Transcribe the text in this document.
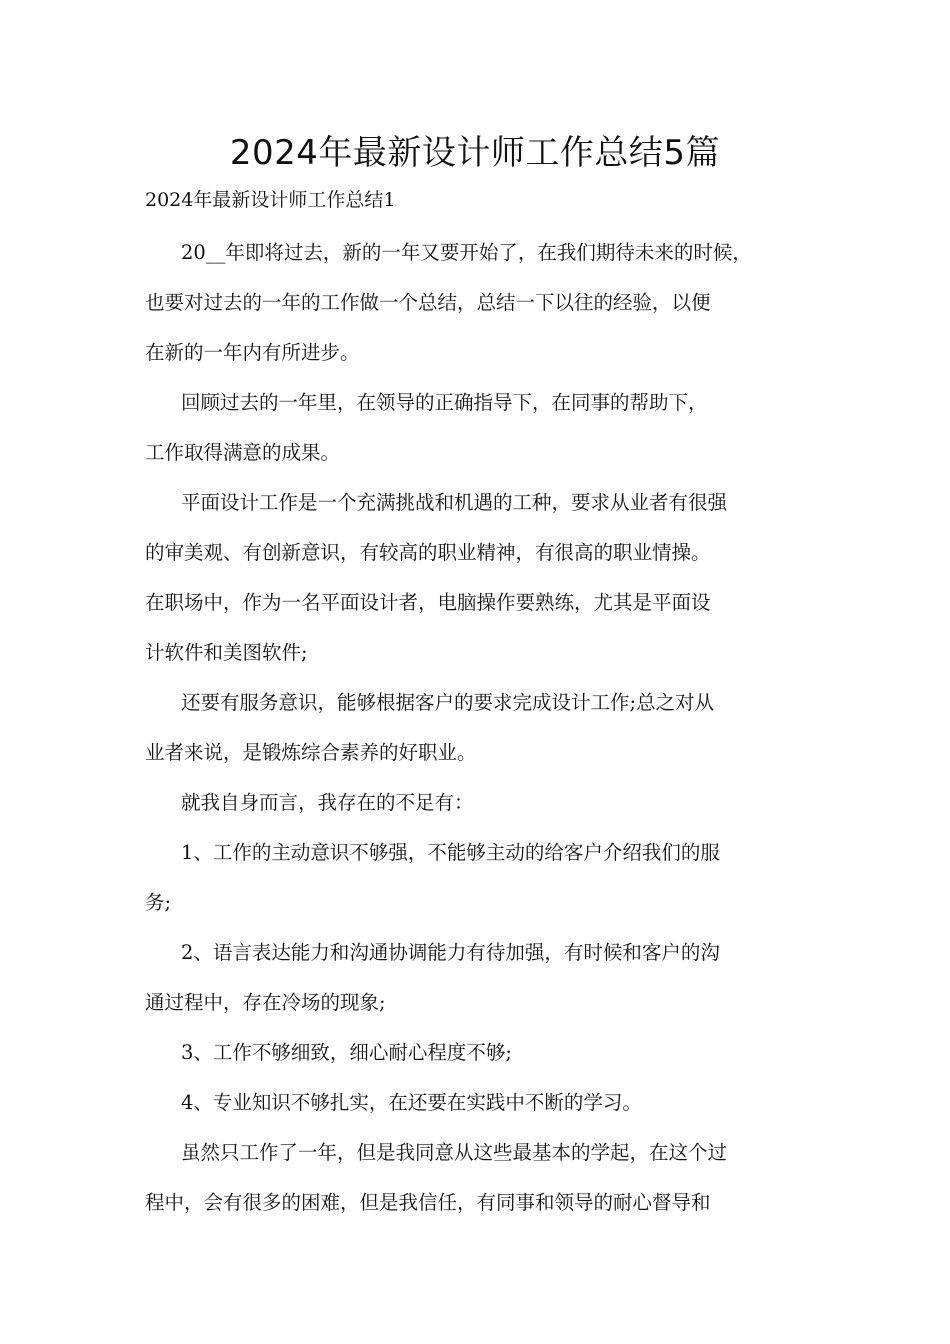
2024年最新设计师工作总结5篇

2024年最新设计师工作总结1

20__年即将过去，新的一年又要开始了，在我们期待未来的时候，
也要对过去的一年的工作做一个总结，总结一下以往的经验，以便
在新的一年内有所进步。
回顾过去的一年里，在领导的正确指导下，在同事的帮助下，
工作取得满意的成果。
平面设计工作是一个充满挑战和机遇的工种，要求从业者有很强
的审美观、有创新意识，有较高的职业精神，有很高的职业情操。
在职场中，作为一名平面设计者，电脑操作要熟练，尤其是平面设
计软件和美图软件;
还要有服务意识，能够根据客户的要求完成设计工作;总之对从
业者来说，是锻炼综合素养的好职业。
就我自身而言，我存在的不足有：
1、工作的主动意识不够强，不能够主动的给客户介绍我们的服
务;
2、语言表达能力和沟通协调能力有待加强，有时候和客户的沟
通过程中，存在冷场的现象;
3、工作不够细致，细心耐心程度不够;
4、专业知识不够扎实，在还要在实践中不断的学习。
虽然只工作了一年，但是我同意从这些最基本的学起，在这个过
程中，会有很多的困难，但是我信任，有同事和领导的耐心督导和
